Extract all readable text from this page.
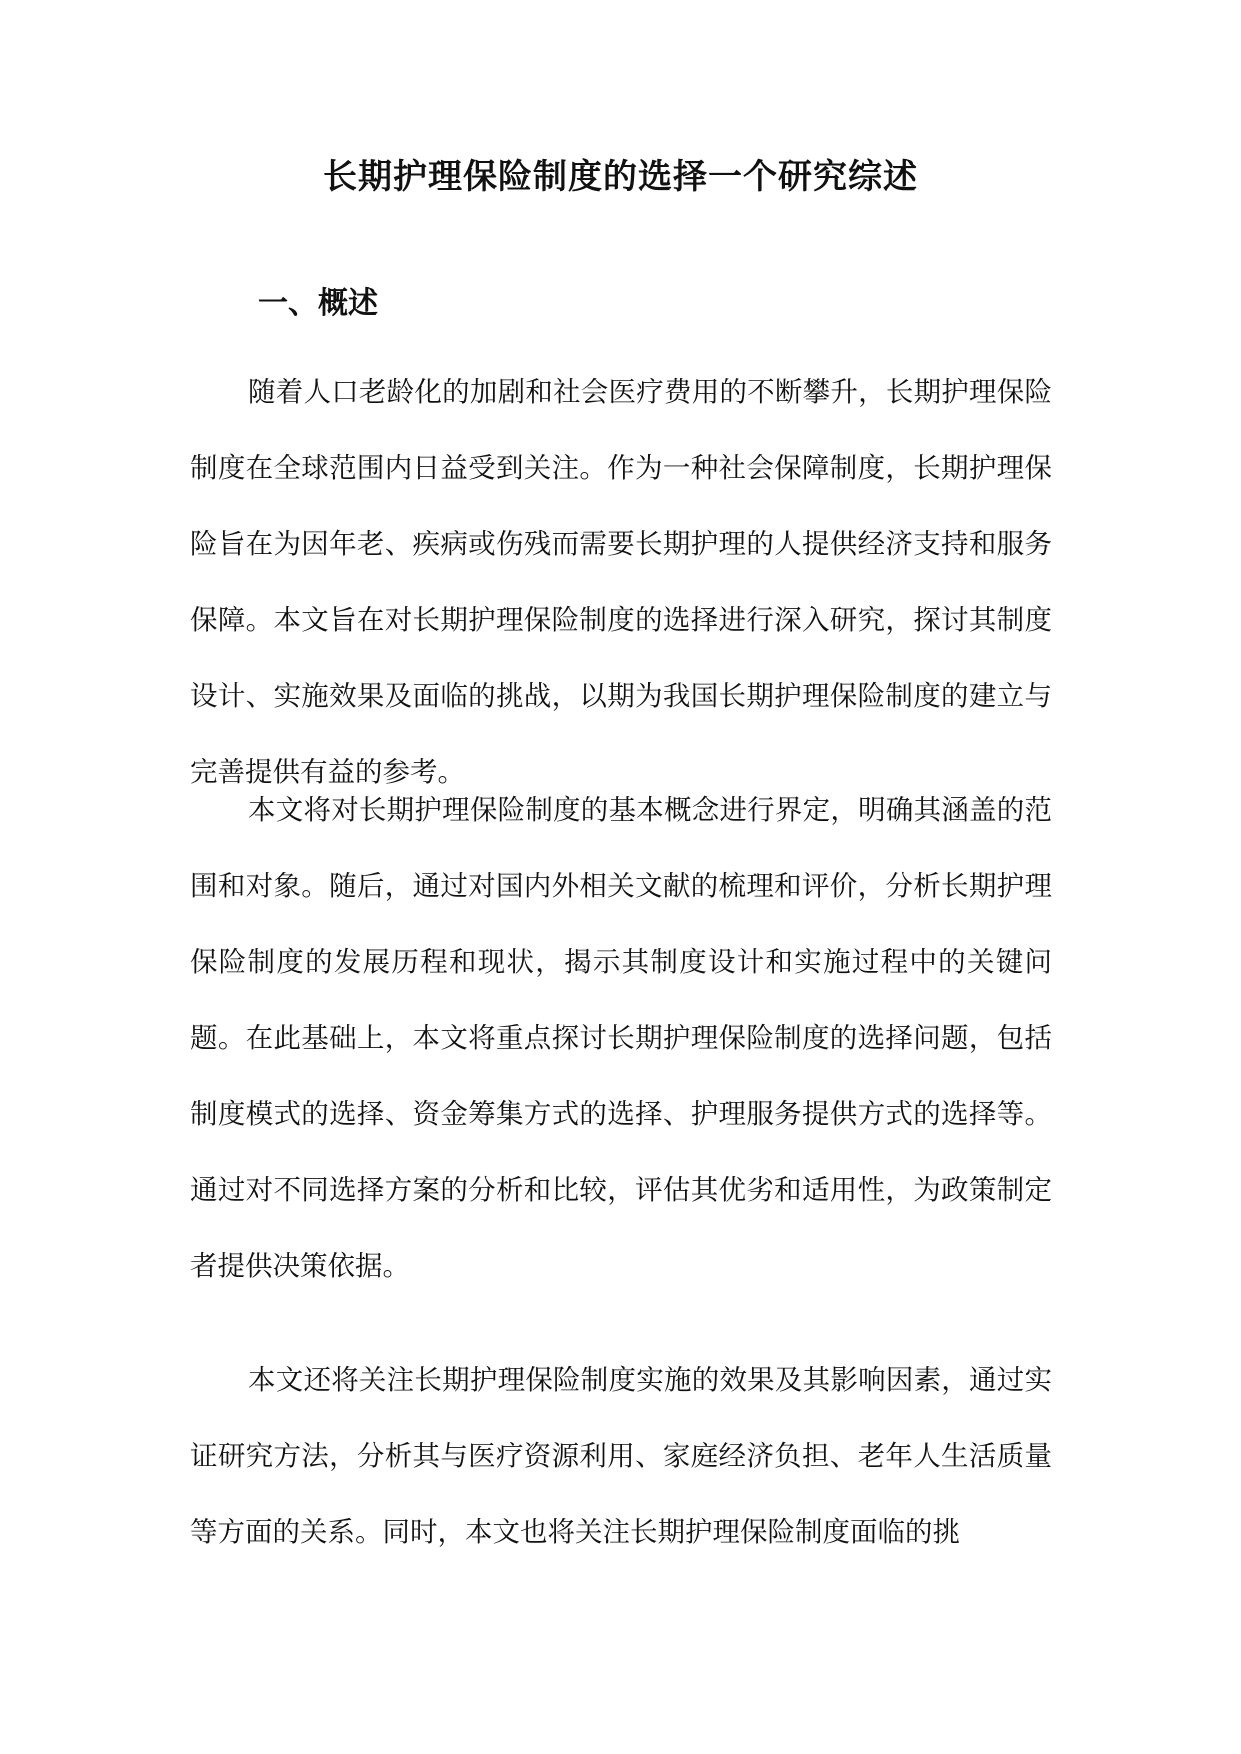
长期护理保险制度的选择一个研究综述
一、概述

随着人口老龄化的加剧和社会医疗费用的不断攀升，长期护理保险制度在全球范围内日益受到关注。作为一种社会保障制度，长期护理保险旨在为因年老、疾病或伤残而需要长期护理的人提供经济支持和服务保障。本文旨在对长期护理保险制度的选择进行深入研究，探讨其制度设计、实施效果及面临的挑战，以期为我国长期护理保险制度的建立与完善提供有益的参考。

本文将对长期护理保险制度的基本概念进行界定，明确其涵盖的范围和对象。随后，通过对国内外相关文献的梳理和评价，分析长期护理保险制度的发展历程和现状，揭示其制度设计和实施过程中的关键问题。在此基础上，本文将重点探讨长期护理保险制度的选择问题，包括制度模式的选择、资金筹集方式的选择、护理服务提供方式的选择等。通过对不同选择方案的分析和比较，评估其优劣和适用性，为政策制定者提供决策依据。

本文还将关注长期护理保险制度实施的效果及其影响因素，通过实证研究方法，分析其与医疗资源利用、家庭经济负担、老年人生活质量等方面的关系。同时，本文也将关注长期护理保险制度面临的挑
